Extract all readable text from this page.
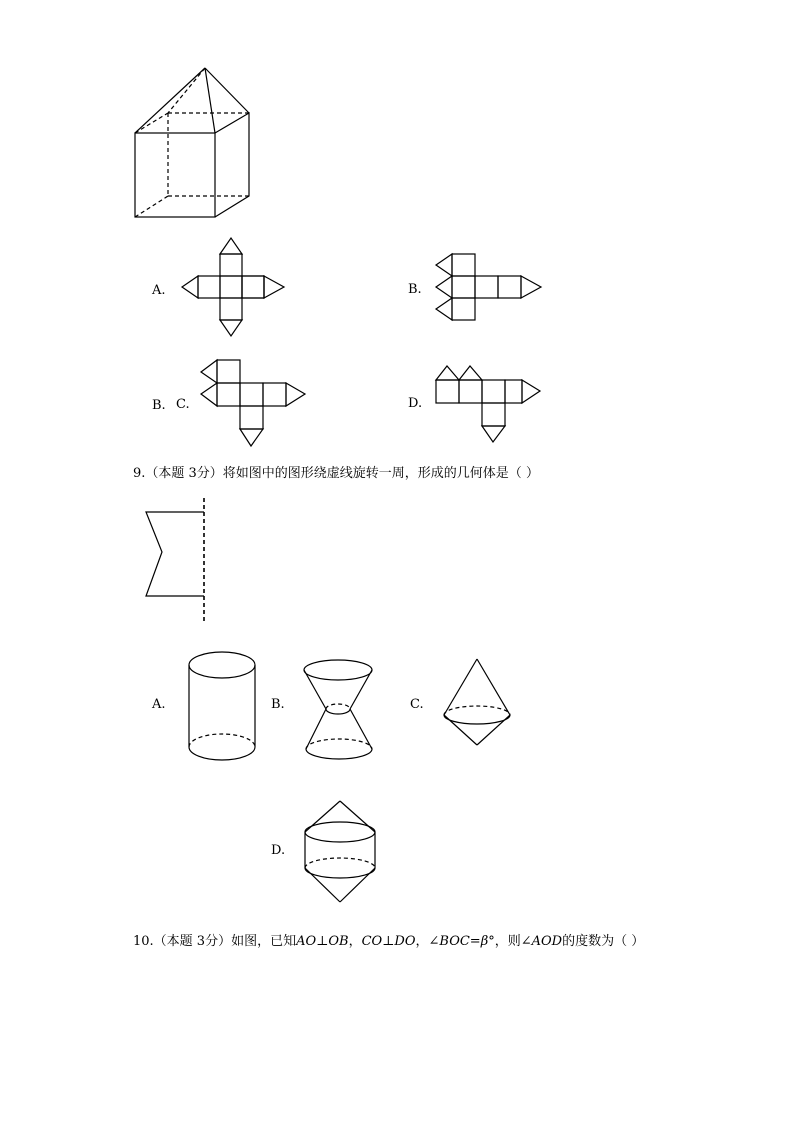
A.	B.
B. C.	D.
9.（本题 3分）将如图中的图形绕虚线旋转一周，形成的几何体是（ ）
A.	B.	C.
D.
10.（本题 3分）如图，已知AO⊥OB，CO⊥DO，∠BOC=β°，则∠AOD的度数为（ ）
